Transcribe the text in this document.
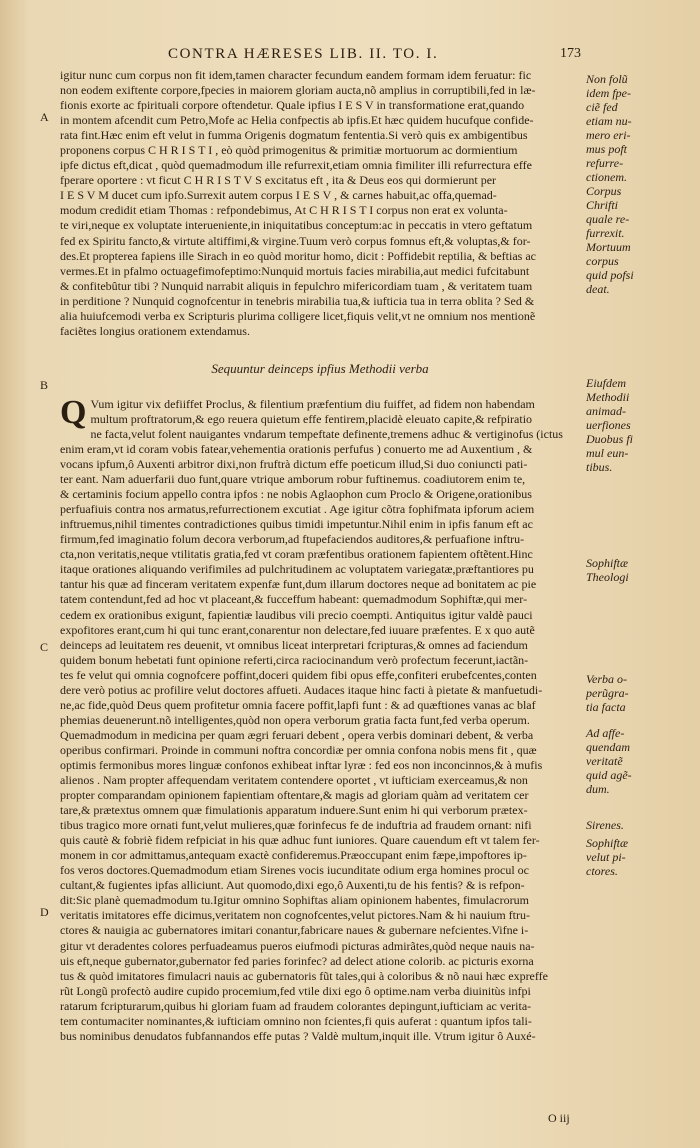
CONTRA HÆRESES LIB. II. TO. I.	173
A
B
C
D

igitur nunc cum corpus non fit idem,tamen character fecundum eandem formam idem feruatur: fic
non eodem exiftente corpore,fpecies in maiorem gloriam aucta,nõ amplius in corruptibili,fed in læ-
fionis exorte ac fpirituali corpore oftendetur. Quale ipfius I E S V in transformatione erat,quando
in montem afcendit cum Petro,Mofe ac Helia confpectis ab ipfis.Et hæc quidem hucufque confide-
rata fint.Hæc enim eft velut in fumma Origenis dogmatum fententia.Si verò quis ex ambigentibus
proponens corpus C H R I S T I , eò quòd primogenitus & primitiæ mortuorum ac dormientium
ipfe dictus eft,dicat , quòd quemadmodum ille refurrexit,etiam omnia fimiliter illi refurrectura effe
fperare oportere : vt ficut C H R I S T V S excitatus eft , ita & Deus eos qui dormierunt per
I E S V M ducet cum ipfo.Surrexit autem corpus I E S V , & carnes habuit,ac offa,quemad-
modum credidit etiam Thomas : refpondebimus, At C H R I S T I corpus non erat ex volunta-
te viri,neque ex voluptate interueniente,in iniquitatibus conceptum:ac in peccatis in vtero geftatum
fed ex Spiritu fancto,& virtute altiffimi,& virgine.Tuum verò corpus fomnus eft,& voluptas,& for-
des.Et propterea fapiens ille Sirach in eo quòd moritur homo, dicit : Poffidebit reptilia, & beftias ac
vermes.Et in pfalmo octuagefimofeptimo:Nunquid mortuis facies mirabilia,aut medici fufcitabunt
& confitebûtur tibi ? Nunquid narrabit aliquis in fepulchro mifericordiam tuam , & veritatem tuam
in perditione ? Nunquid cognofcentur in tenebris mirabilia tua,& iufticia tua in terra oblita ? Sed &
alia huiufcemodi verba ex Scripturis plurima colligere licet,fiquis velit,vt ne omnium nos mentionẽ
faciẽtes longius orationem extendamus.

Sequuntur deinceps ipfius Methodii verba

Q Vum igitur vix defiiffet Proclus, & filentium præfentium diu fuiffet, ad fidem non habendam
multum proftratorum,& ego reuera quietum effe fentirem,placidè eleuato capite,& refpiratio
ne facta,velut folent nauigantes vndarum tempeftate definente,tremens adhuc & vertiginofus (ictus
enim eram,vt id coram vobis fatear,vehementia orationis perfufus ) conuerto me ad Auxentium , &
vocans ipfum,ô Auxenti arbitror dixi,non fruftrà dictum effe poeticum illud,Si duo coniuncti pati-
ter eant. Nam aduerfarii duo funt,quare vtrique amborum robur fuftinemus. coadiutorem enim te,
& certaminis focium appello contra ipfos : ne nobis Aglaophon cum Proclo & Origene,orationibus
perfuafiuis contra nos armatus,refurrectionem excutiat . Age igitur cõtra fophifmata ipforum aciem
inftruemus,nihil timentes contradictiones quibus timidi impetuntur.Nihil enim in ipfis fanum eft ac
firmum,fed imaginatio folum decora verborum,ad ftupefaciendos auditores,& perfuafione inftru-
cta,non veritatis,neque vtilitatis gratia,fed vt coram præfentibus orationem fapientem oftẽtent.Hinc
itaque orationes aliquando verifimiles ad pulchritudinem ac voluptatem variegatæ,præftantiores pu
tantur his quæ ad finceram veritatem expenfæ funt,dum illarum doctores neque ad bonitatem ac pie
tatem contendunt,fed ad hoc vt placeant,& fucceffum habeant: quemadmodum Sophiftæ,qui mer-
cedem ex orationibus exigunt, fapientiæ laudibus vili precio coempti. Antiquitus igitur valdè pauci
expofitores erant,cum hi qui tunc erant,conarentur non delectare,fed iuuare præfentes. E x quo autẽ
deinceps ad leuitatem res deuenit, vt omnibus liceat interpretari fcripturas,& omnes ad faciendum
quidem bonum hebetati funt opinione referti,circa raciocinandum verò profectum fecerunt,iactãn-
tes fe velut qui omnia cognofcere poffint,doceri quidem fibi opus effe,confiteri erubefcentes,conten
dere verò potius ac profilire velut doctores affueti. Audaces itaque hinc facti à pietate & manfuetudi-
ne,ac fide,quòd Deus quem profitetur omnia facere poffit,lapfi funt : & ad quæftiones vanas ac blaf
phemias deuenerunt.nõ intelligentes,quòd non opera verborum gratia facta funt,fed verba operum.
Quemadmodum in medicina per quam ægri feruari debent , opera verbis dominari debent, & verba
operibus confirmari. Proinde in communi noftra concordiæ per omnia confona nobis mens fit , quæ
optimis fermonibus mores linguæ confonos exhibeat inftar lyræ : fed eos non inconcinnos,& à mufis
alienos . Nam propter affequendam veritatem contendere oportet , vt iufticiam exerceamus,& non
propter comparandam opinionem fapientiam oftentare,& magis ad gloriam quàm ad veritatem cer
tare,& prætextus omnem quæ fimulationis apparatum induere.Sunt enim hi qui verborum prætex-
tibus tragico more ornati funt,velut mulieres,quæ forinfecus fe de induftria ad fraudem ornant: nifi
quis cautè & fobriè fidem refpiciat in his quæ adhuc funt iuniores. Quare cauendum eft vt talem fer-
monem in cor admittamus,antequam exactè confideremus.Præoccupant enim fæpe,impoftores ip-
fos veros doctores.Quemadmodum etiam Sirenes vocis iucunditate odium erga homines procul oc
cultant,& fugientes ipfas alliciunt. Aut quomodo,dixi ego,ô Auxenti,tu de his fentis? & is refpon-
dit:Sic planè quemadmodum tu.Igitur omnino Sophiftas aliam opinionem habentes, fimulacrorum
veritatis imitatores effe dicimus,veritatem non cognofcentes,velut pictores.Nam & hi nauium ftru-
ctores & nauigia ac gubernatores imitari conantur,fabricare naues & gubernare nefcientes.Vifne i-
gitur vt deradentes colores perfuadeamus pueros eiufmodi picturas admirãtes,quòd neque nauis na-
uis eft,neque gubernator,gubernator fed paries forinfec? ad delect atione colorib. ac picturis exorna
tus & quòd imitatores fimulacri nauis ac gubernatoris fũt tales,qui à coloribus & nõ naui hæc expreffe
rũt Longũ profectò audire cupido procemium,fed vtile dixi ego ô optime.nam verba diuinitùs infpi
ratarum fcripturarum,quibus hi gloriam fuam ad fraudem colorantes depingunt,iufticiam ac verita-
tem contumaciter nominantes,& iufticiam omnino non fcientes,fi quis auferat : quantum ipfos tali-
bus nominibus denudatos fubfannandos effe putas ? Valdè multum,inquit ille. Vtrum igitur ô Auxé-

Non folũ
idem fpe-
ciẽ fed
etiam nu-
mero eri-
mus poft
refurre-
ctionem.
Corpus
Chrifti
quale re-
furrexit.
Mortuum
corpus
quid pofsi
deat.
Eiufdem
Methodii
animad-
uerfiones
Duobus fi
mul eun-
tibus.
Sophiftæ
Theologi
Verba o-
perũgra-
tia facta
Ad affe-
quendam
veritatẽ
quid agẽ-
dum.
Sirenes.
Sophiftæ
velut pi-
ctores.
O iij
